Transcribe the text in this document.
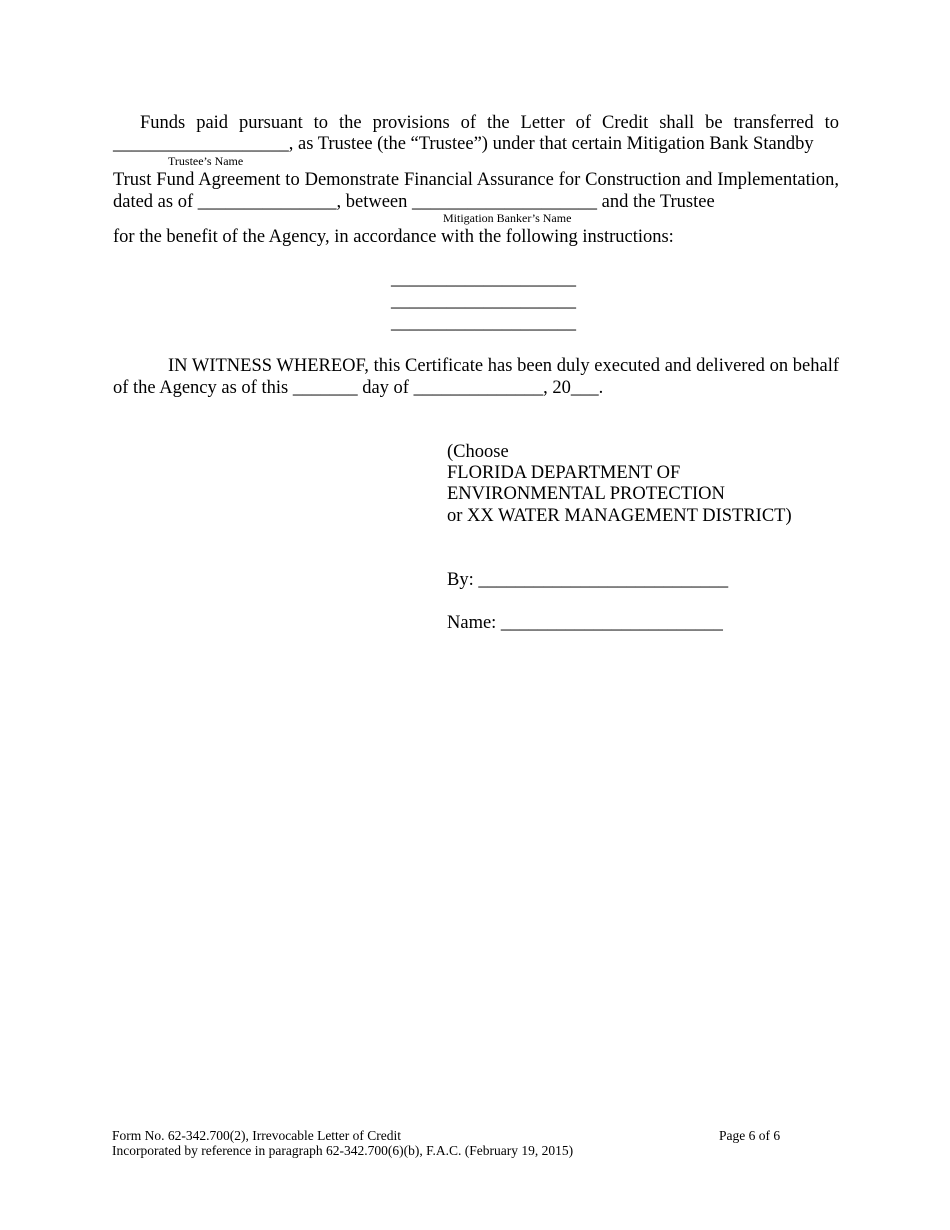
Funds paid pursuant to the provisions of the Letter of Credit shall be transferred to
___________________, as Trustee (the “Trustee”) under that certain Mitigation Bank Standby
Trustee’s Name
Trust Fund Agreement to Demonstrate Financial Assurance for Construction and Implementation,
dated as of _______________, between ____________________ and the Trustee
Mitigation Banker’s Name
for the benefit of the Agency, in accordance with the following instructions:
____________________
____________________
____________________
IN WITNESS WHEREOF, this Certificate has been duly executed and delivered on behalf
of the Agency as of this _______ day of ______________, 20___.
(Choose
FLORIDA DEPARTMENT OF
ENVIRONMENTAL PROTECTION
or XX WATER MANAGEMENT DISTRICT)
By: ___________________________
Name: ________________________
Form No. 62-342.700(2), Irrevocable Letter of Credit
Incorporated by reference in paragraph 62-342.700(6)(b), F.A.C. (February 19, 2015)
Page 6 of 6
